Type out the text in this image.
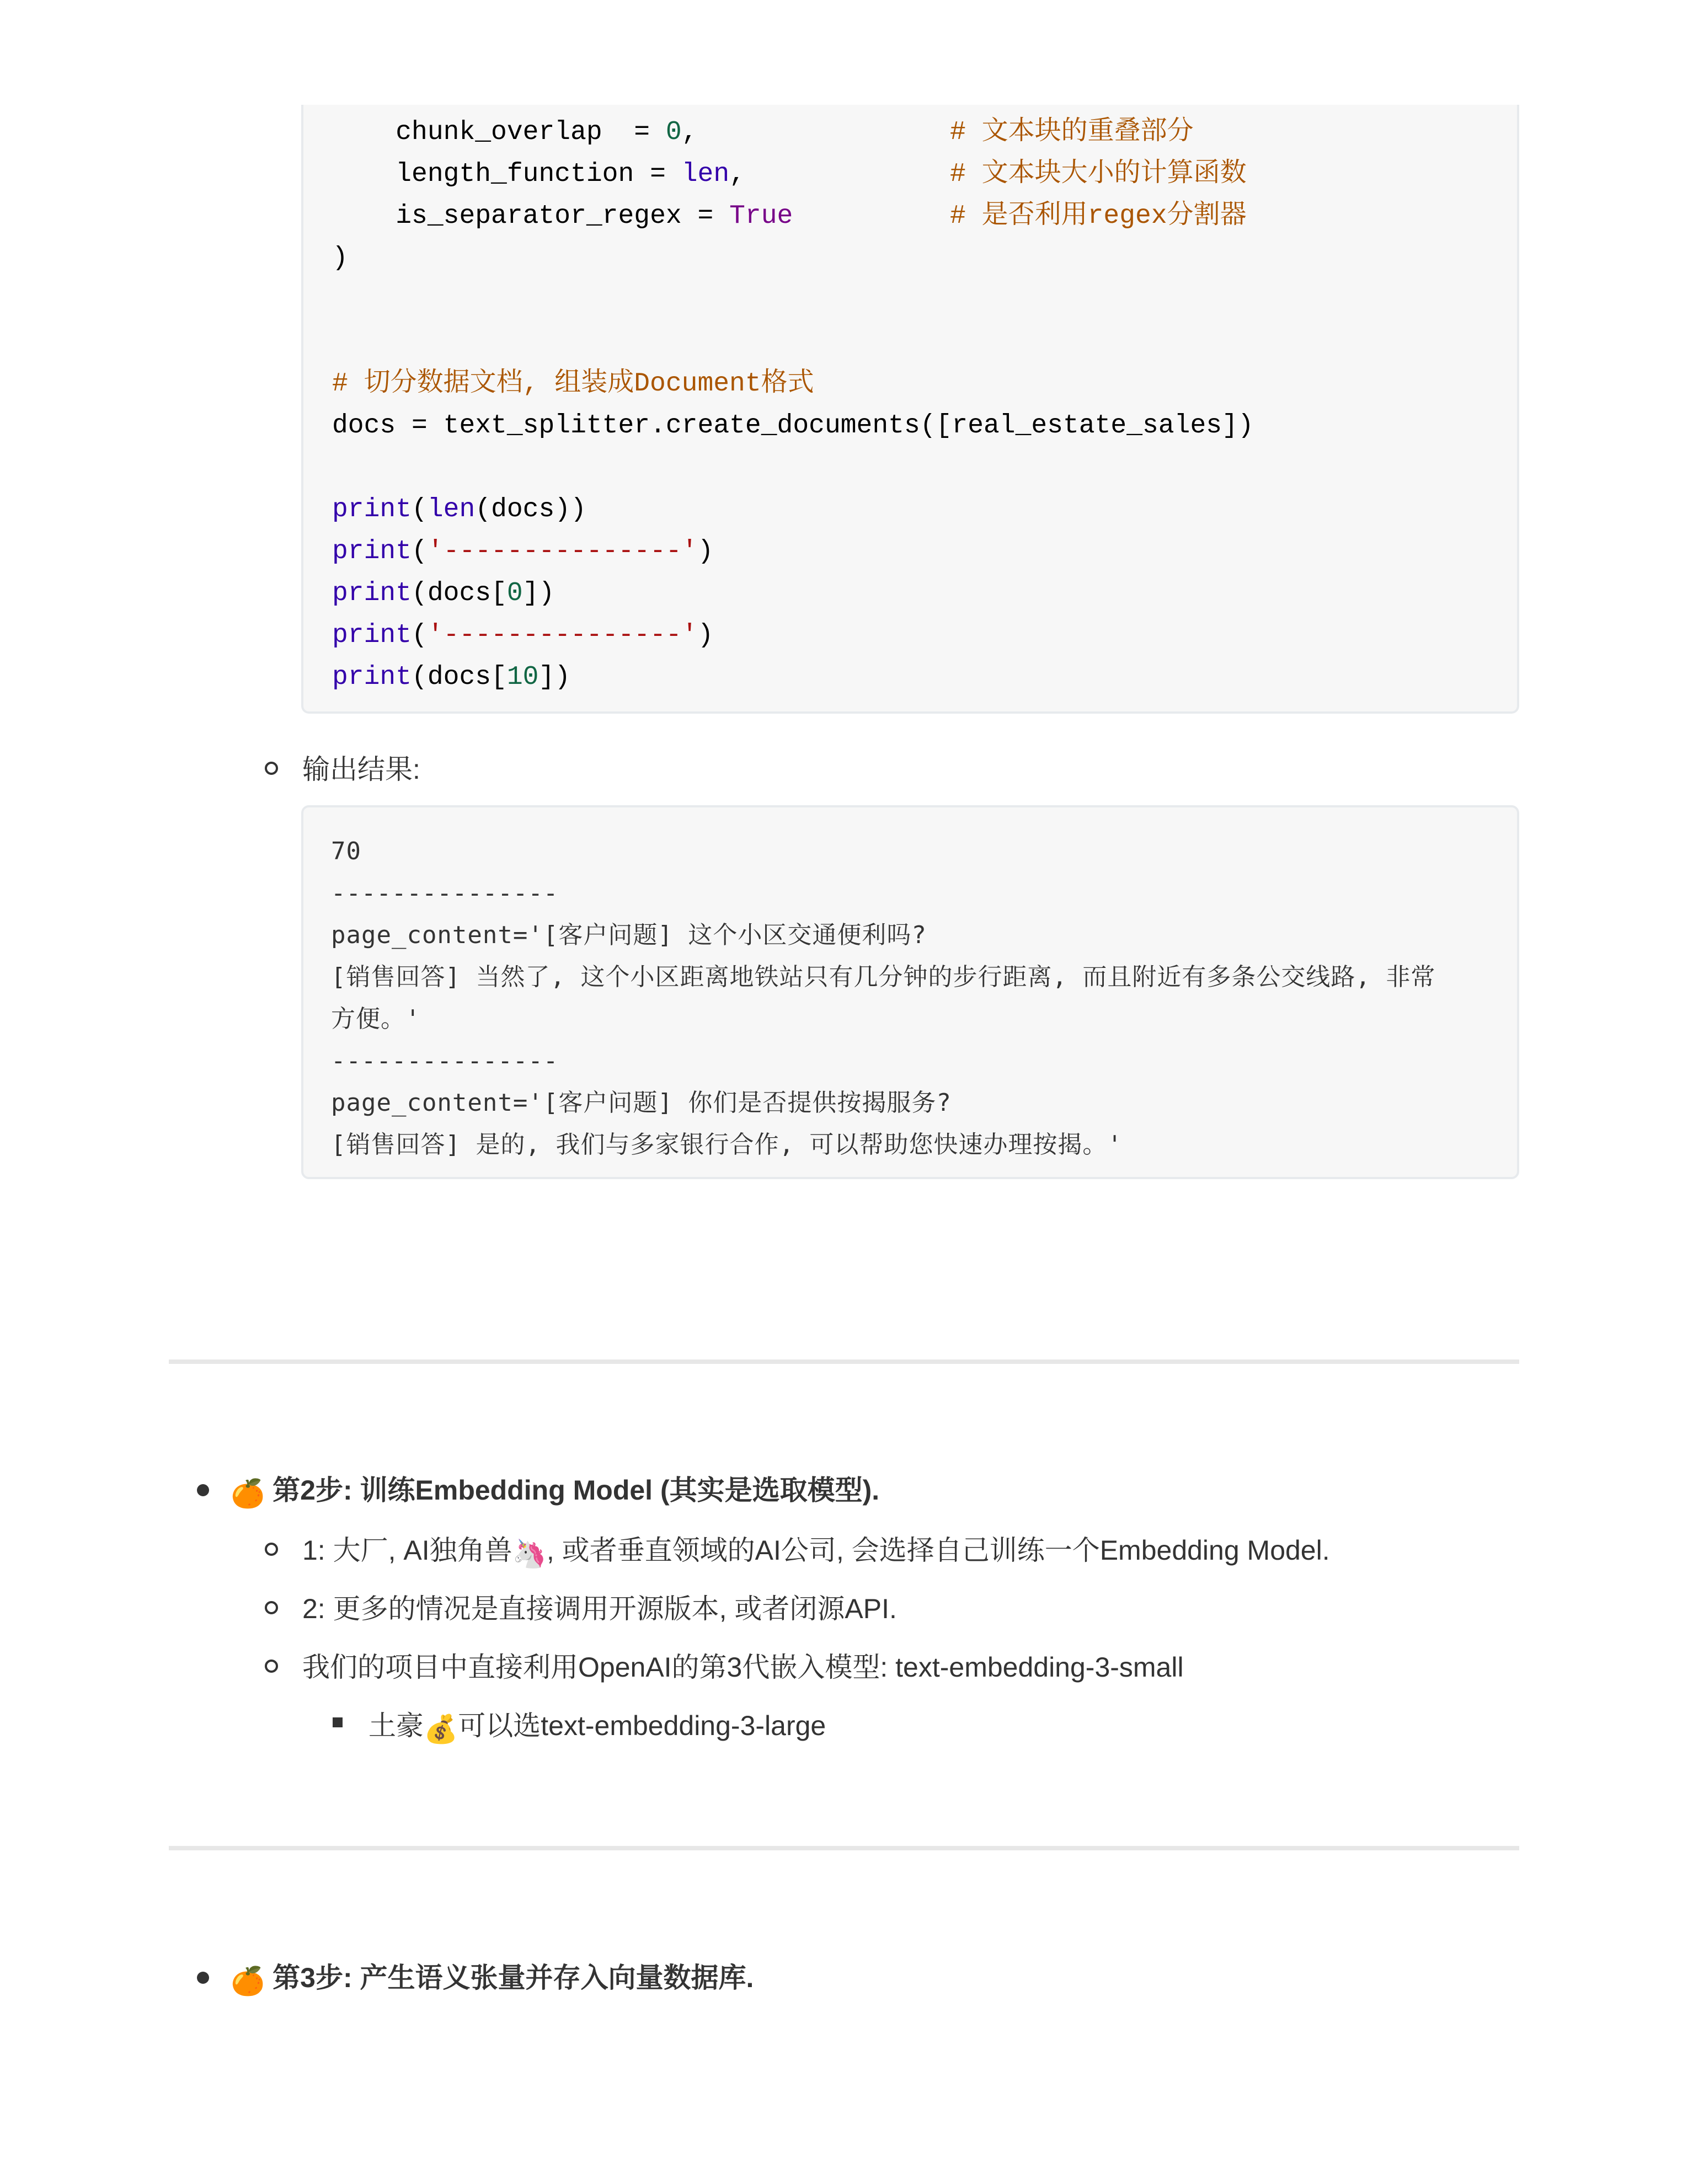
chunk_overlap  = 0,	# 文本块的重叠部分
length_function = len,	# 文本块大小的计算函数
is_separator_regex = True	# 是否利用regex分割器
)
# 切分数据文档, 组装成Document格式
docs = text_splitter.create_documents([real_estate_sales])
print(len(docs))
print('---------------')
print(docs[0])
print('---------------')
print(docs[10])
输出结果:
70
---------------
page_content='[客户问题] 这个小区交通便利吗?
[销售回答] 当然了, 这个小区距离地铁站只有几分钟的步行距离, 而且附近有多条公交线路, 非常
方便。'
---------------
page_content='[客户问题] 你们是否提供按揭服务?
[销售回答] 是的, 我们与多家银行合作, 可以帮助您快速办理按揭。'
🍊 第2步: 训练Embedding Model (其实是选取模型).
1: 大厂, AI独角兽🦄, 或者垂直领域的AI公司, 会选择自己训练一个Embedding Model.
2: 更多的情况是直接调用开源版本, 或者闭源API.
我们的项目中直接利用OpenAI的第3代嵌入模型: text-embedding-3-small
土豪💰可以选text-embedding-3-large
🍊 第3步: 产生语义张量并存入向量数据库.
